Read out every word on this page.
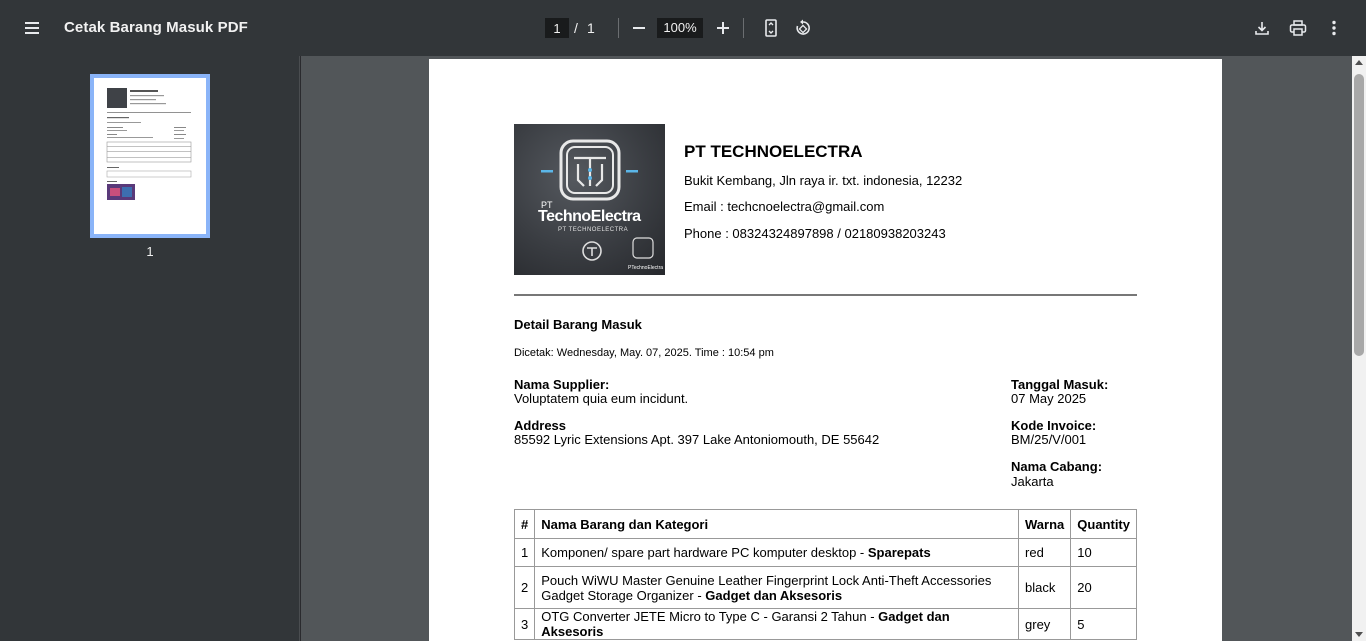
Cetak Barang Masuk PDF
1	/ 1	100%
1
PT
TechnoElectra
PT TECHNOELECTRA
PTechnoElectra
PT TECHNOELECTRA
Bukit Kembang, Jln raya ir. txt. indonesia, 12232
Email : techcnoelectra@gmail.com
Phone : 08324324897898 / 02180938203243
Detail Barang Masuk
Dicetak: Wednesday, May. 07, 2025. Time : 10:54 pm
Nama Supplier:
Voluptatem quia eum incidunt.
Address
85592 Lyric Extensions Apt. 397 Lake Antoniomouth, DE 55642
Tanggal Masuk:
07 May 2025
Kode Invoice:
BM/25/V/001
Nama Cabang:
Jakarta
#	Nama Barang dan Kategori	Warna	Quantity
1	Komponen/ spare part hardware PC komputer desktop - Sparepats	red	10
2	Pouch WiWU Master Genuine Leather Fingerprint Lock Anti-Theft Accessories Gadget Storage Organizer - Gadget dan Aksesoris	black	20
3	OTG Converter JETE Micro to Type C - Garansi 2 Tahun - Gadget dan Aksesoris	grey	5
